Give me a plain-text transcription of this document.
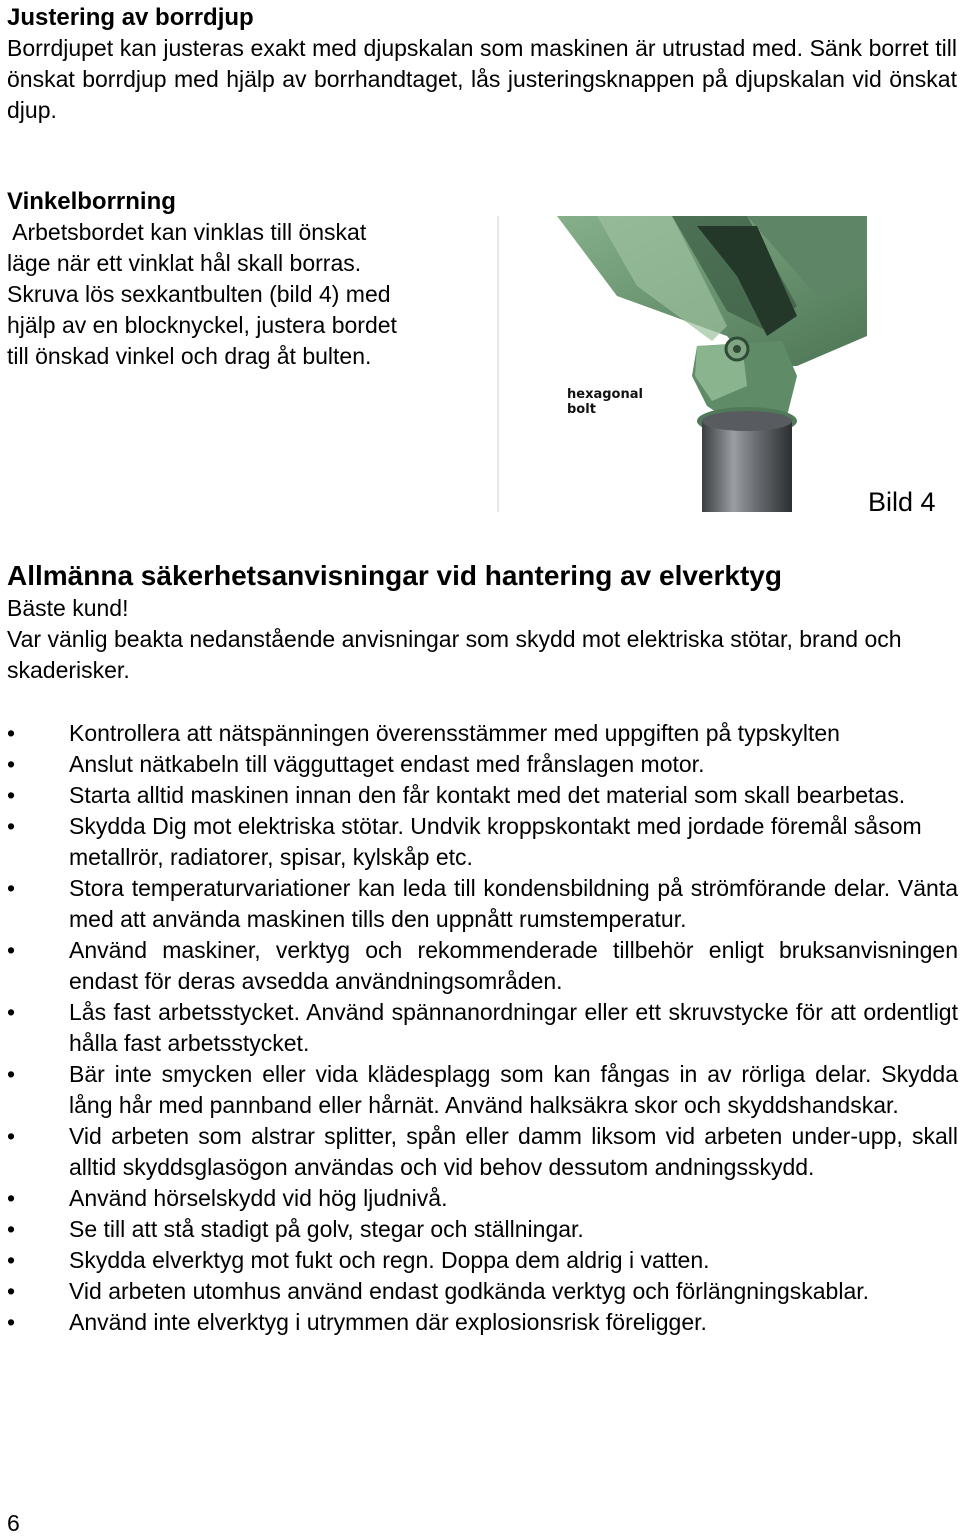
Justering av borrdjup

Borrdjupet kan justeras exakt med djupskalan som maskinen är utrustad med. Sänk borret till önskat borrdjup med hjälp av borrhandtaget, lås justeringsknappen på djupskalan vid önskat djup.

Vinkelborrning
Arbetsbordet kan vinklas till önskat
läge när ett vinklat hål skall borras.
Skruva lös sexkantbulten (bild 4) med
hjälp av en blocknyckel, justera bordet
till önskad vinkel och drag åt bulten.
hexagonal
bolt
Bild 4
Allmänna säkerhetsanvisningar vid hantering av elverktyg
Bäste kund!

Var vänlig beakta nedanstående anvisningar som skydd mot elektriska stötar, brand och skaderisker.

•	Kontrollera att nätspänningen överensstämmer med uppgiften på typskylten

•	Anslut nätkabeln till vägguttaget endast med frånslagen motor.

•	Starta alltid maskinen innan den får kontakt med det material som skall bearbetas.

•	Skydda Dig mot elektriska stötar. Undvik kroppskontakt med jordade föremål såsom metallrör, radiatorer, spisar, kylskåp etc.

•	Stora temperaturvariationer kan leda till kondensbildning på strömförande delar. Vänta med att använda maskinen tills den uppnått rumstemperatur.

•	Använd maskiner, verktyg och rekommenderade tillbehör enligt bruksanvisningen endast för deras avsedda användningsområden.

•	Lås fast arbetsstycket. Använd spännanordningar eller ett skruvstycke för att ordentligt hålla fast arbetsstycket.

•	Bär inte smycken eller vida klädesplagg som kan fångas in av rörliga delar. Skydda lång hår med pannband eller hårnät. Använd halksäkra skor och skyddshandskar.

•	Vid arbeten som alstrar splitter, spån eller damm liksom vid arbeten under-upp, skall alltid skyddsglasögon användas och vid behov dessutom andningsskydd.

•	Använd hörselskydd vid hög ljudnivå.

•	Se till att stå stadigt på golv, stegar och ställningar.

•	Skydda elverktyg mot fukt och regn. Doppa dem aldrig i vatten.

•	Vid arbeten utomhus använd endast godkända verktyg och förlängningskablar.

•	Använd inte elverktyg i utrymmen där explosionsrisk föreligger.

6
